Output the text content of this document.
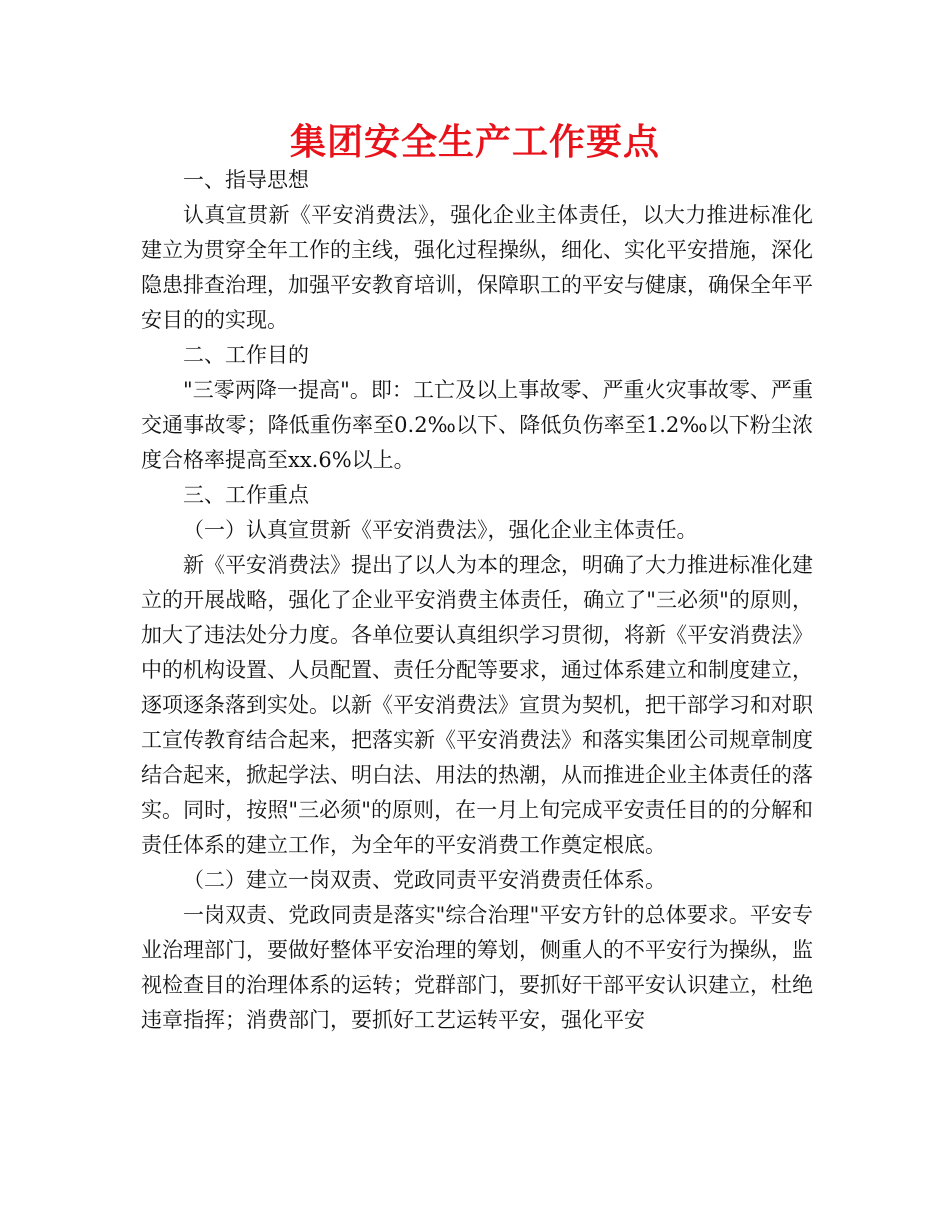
集团安全生产工作要点

一、指导思想

认真宣贯新《平安消费法》，强化企业主体责任，以大力推进标准化建立为贯穿全年工作的主线，强化过程操纵，细化、实化平安措施，深化隐患排查治理，加强平安教育培训，保障职工的平安与健康，确保全年平安目的的实现。

二、工作目的

"三零两降一提高"。即：工亡及以上事故零、严重火灾事故零、严重交通事故零；降低重伤率至0.2‰以下、降低负伤率至1.2‰以下粉尘浓度合格率提高至xx.6%以上。

三、工作重点

（一）认真宣贯新《平安消费法》，强化企业主体责任。

新《平安消费法》提出了以人为本的理念，明确了大力推进标准化建立的开展战略，强化了企业平安消费主体责任，确立了"三必须"的原则，加大了违法处分力度。各单位要认真组织学习贯彻，将新《平安消费法》中的机构设置、人员配置、责任分配等要求，通过体系建立和制度建立，逐项逐条落到实处。以新《平安消费法》宣贯为契机，把干部学习和对职工宣传教育结合起来，把落实新《平安消费法》和落实集团公司规章制度结合起来，掀起学法、明白法、用法的热潮，从而推进企业主体责任的落实。同时，按照"三必须"的原则，在一月上旬完成平安责任目的的分解和责任体系的建立工作，为全年的平安消费工作奠定根底。

（二）建立一岗双责、党政同责平安消费责任体系。

一岗双责、党政同责是落实"综合治理"平安方针的总体要求。平安专业治理部门，要做好整体平安治理的筹划，侧重人的不平安行为操纵，监视检查目的治理体系的运转；党群部门，要抓好干部平安认识建立，杜绝违章指挥；消费部门，要抓好工艺运转平安，强化平安
